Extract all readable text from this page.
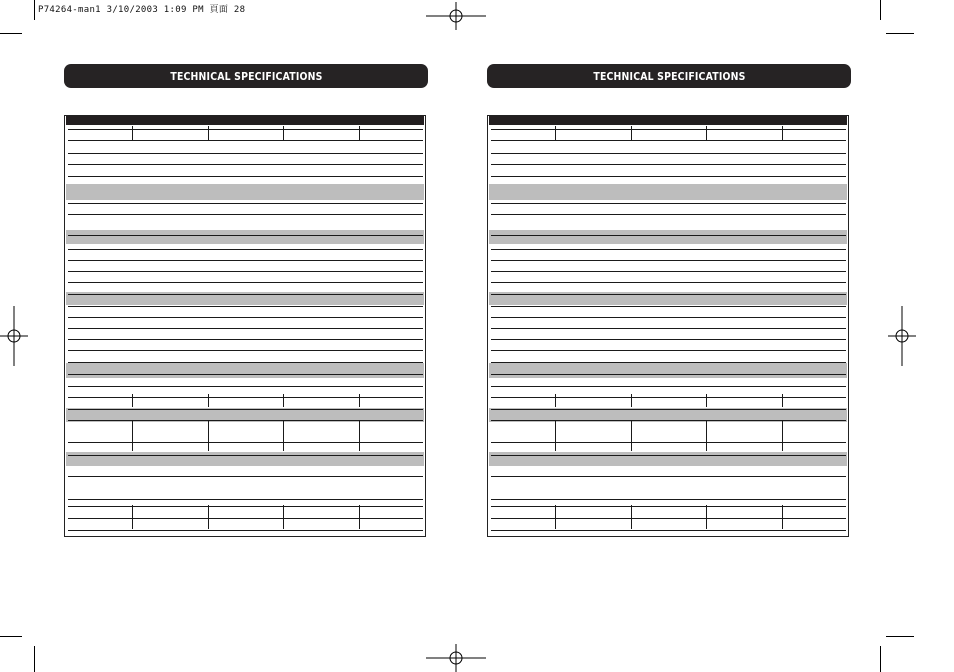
P74264-man1 3/10/2003 1:09 PM 頁面 28
TECHNICAL SPECIFICATIONS	TECHNICAL SPECIFICATIONS
